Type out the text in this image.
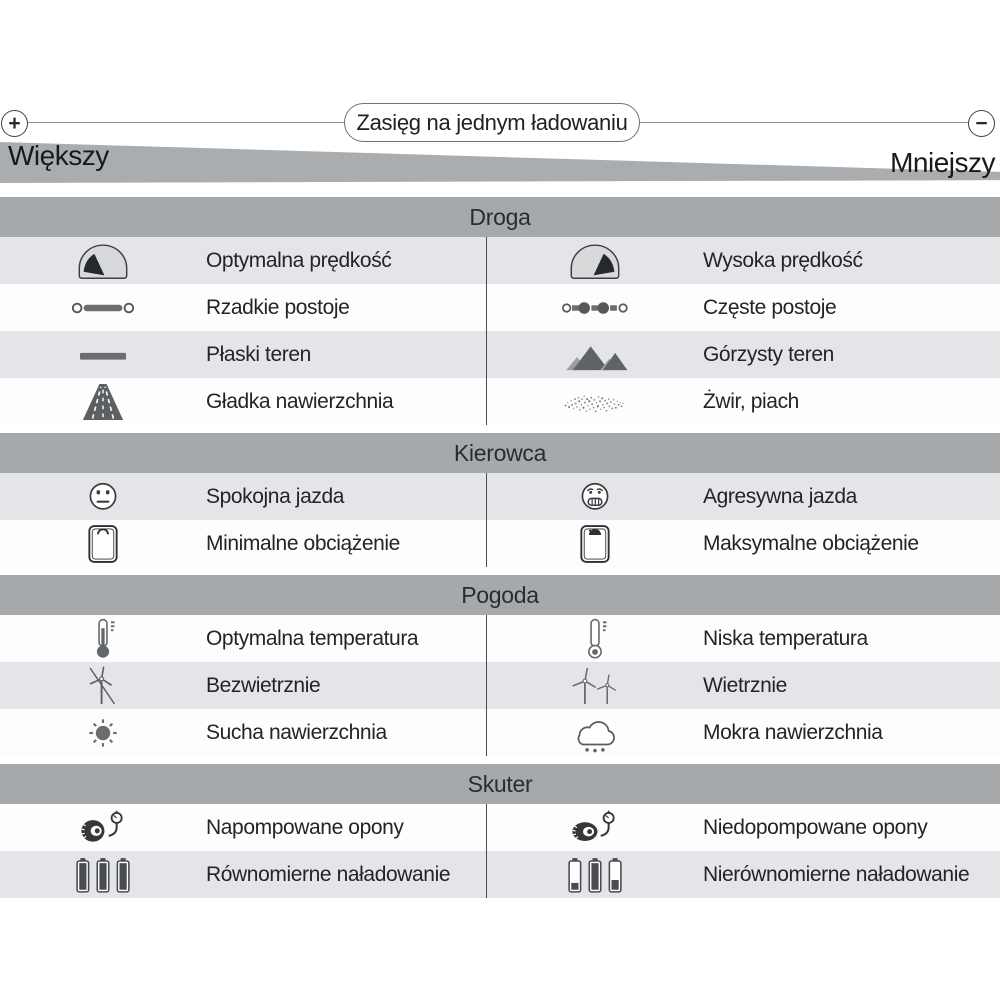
+	−
Zasięg na jednym ładowaniu
Większy	Mniejszy
Droga
Optymalna prędkość	Wysoka prędkość
Rzadkie postoje	Częste postoje
Płaski teren	Górzysty teren
Gładka nawierzchnia	Żwir, piach
Kierowca
Spokojna jazda	Agresywna jazda
Minimalne obciążenie	Maksymalne obciążenie
Pogoda
Optymalna temperatura	Niska temperatura
Bezwietrznie	Wietrznie
Sucha nawierzchnia	Mokra nawierzchnia
Skuter
Napompowane opony	Niedopompowane opony
Równomierne naładowanie	Nierównomierne naładowanie
